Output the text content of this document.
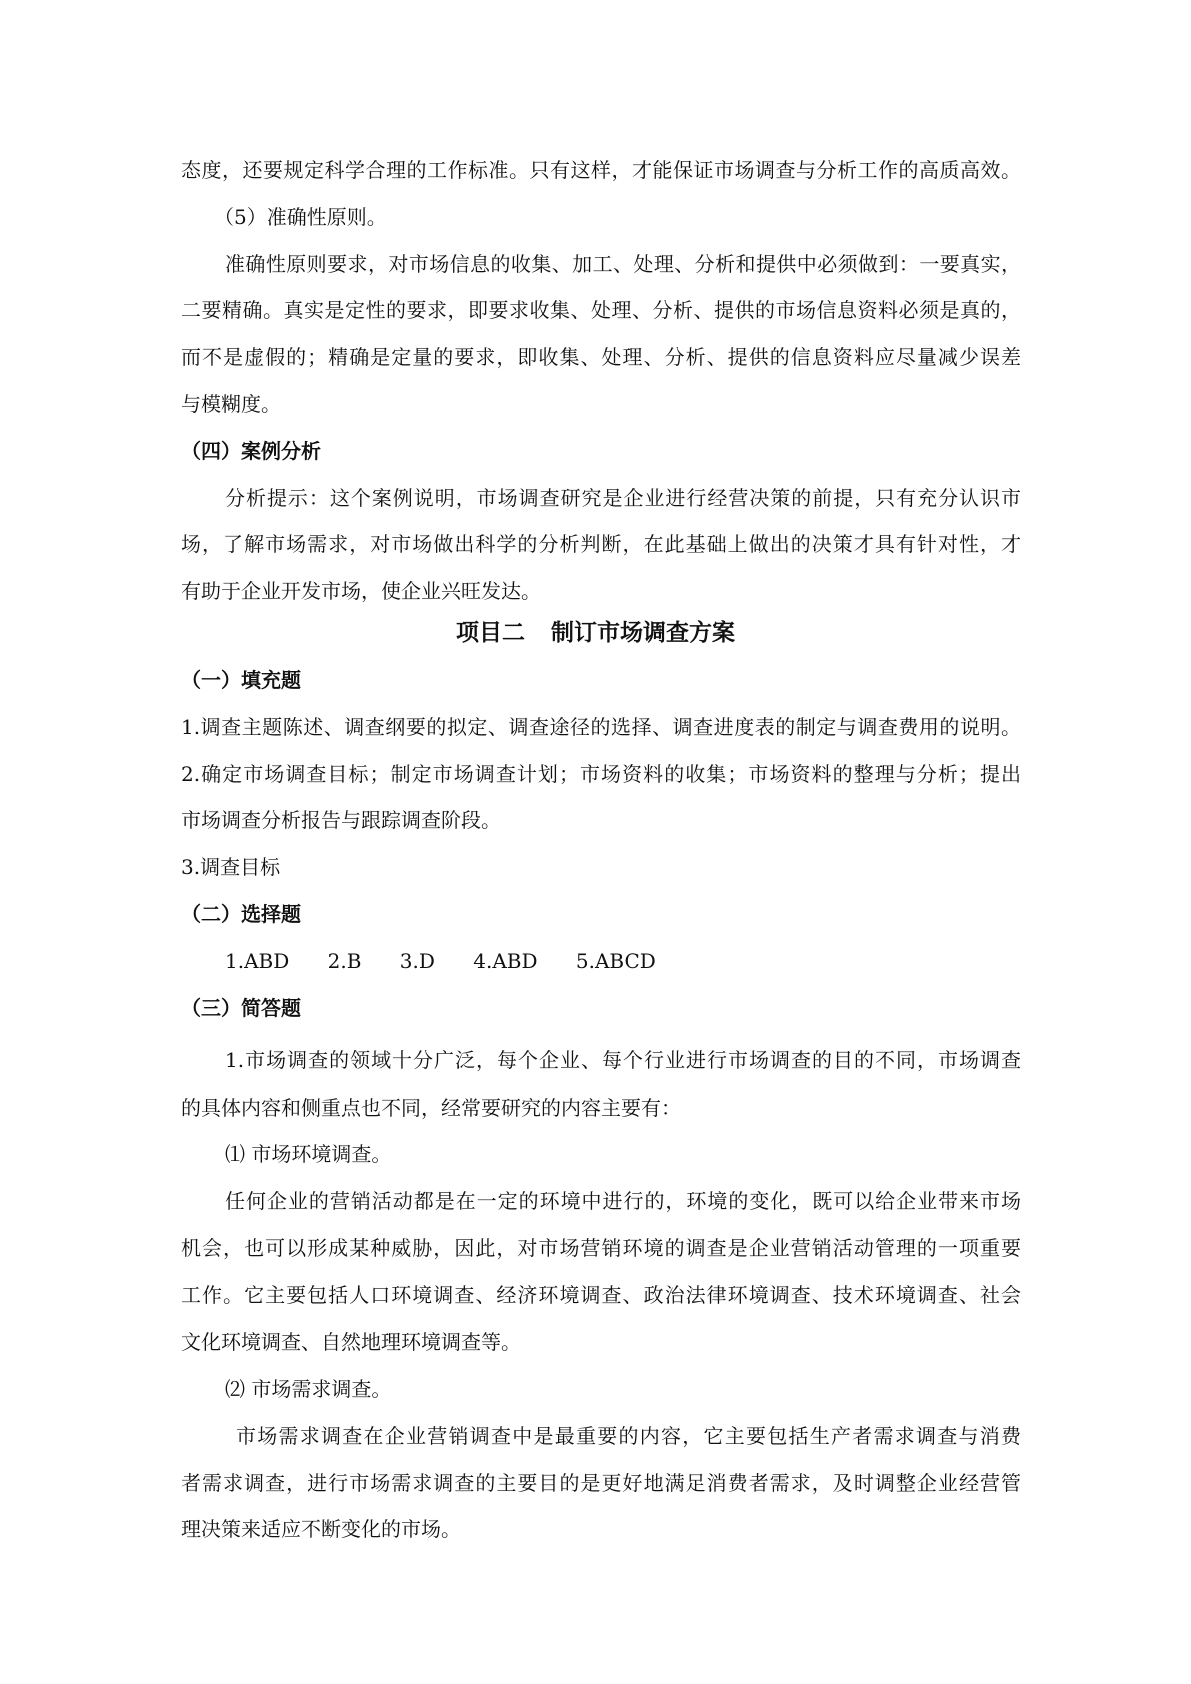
态度，还要规定科学合理的工作标准。只有这样，才能保证市场调查与分析工作的高质高效。
（5）准确性原则。
准确性原则要求，对市场信息的收集、加工、处理、分析和提供中必须做到：一要真实，
二要精确。真实是定性的要求，即要求收集、处理、分析、提供的市场信息资料必须是真的，
而不是虚假的；精确是定量的要求，即收集、处理、分析、提供的信息资料应尽量减少误差
与模糊度。
（四）案例分析
分析提示：这个案例说明，市场调查研究是企业进行经营决策的前提，只有充分认识市
场，了解市场需求，对市场做出科学的分析判断，在此基础上做出的决策才具有针对性，才
有助于企业开发市场，使企业兴旺发达。
项目二 制订市场调查方案
（一）填充题
1.调查主题陈述、调查纲要的拟定、调查途径的选择、调查进度表的制定与调查费用的说明。
2.确定市场调查目标；制定市场调查计划；市场资料的收集；市场资料的整理与分析；提出
市场调查分析报告与跟踪调查阶段。
3.调查目标
（二）选择题
1.ABD 2.B 3.D 4.ABD 5.ABCD
（三）简答题
1.市场调查的领域十分广泛，每个企业、每个行业进行市场调查的目的不同，市场调查
的具体内容和侧重点也不同，经常要研究的内容主要有：
⑴ 市场环境调查。
任何企业的营销活动都是在一定的环境中进行的，环境的变化，既可以给企业带来市场
机会，也可以形成某种威胁，因此，对市场营销环境的调查是企业营销活动管理的一项重要
工作。它主要包括人口环境调查、经济环境调查、政治法律环境调查、技术环境调查、社会
文化环境调查、自然地理环境调查等。
⑵ 市场需求调查。
市场需求调查在企业营销调查中是最重要的内容，它主要包括生产者需求调查与消费
者需求调查，进行市场需求调查的主要目的是更好地满足消费者需求，及时调整企业经营管
理决策来适应不断变化的市场。
